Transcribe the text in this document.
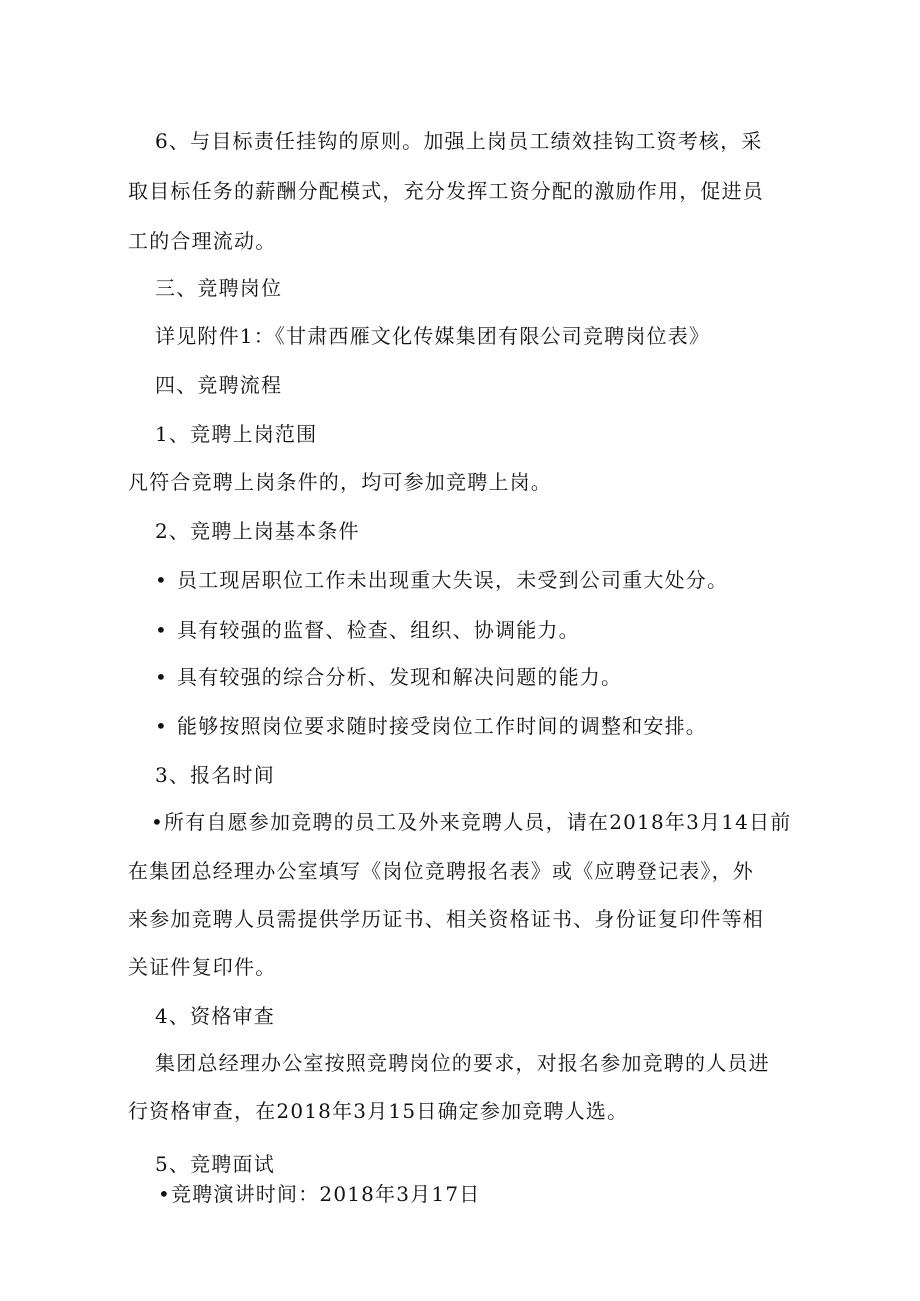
6、与目标责任挂钩的原则。加强上岗员工绩效挂钩工资考核，采
取目标任务的薪酬分配模式，充分发挥工资分配的激励作用，促进员
工的合理流动。
三、竞聘岗位
详见附件1：《甘肃西雁文化传媒集团有限公司竞聘岗位表》
四、竞聘流程
1、竞聘上岗范围
凡符合竞聘上岗条件的，均可参加竞聘上岗。
2、竞聘上岗基本条件
• 员工现居职位工作未出现重大失误，未受到公司重大处分。
• 具有较强的监督、检查、组织、协调能力。
• 具有较强的综合分析、发现和解决问题的能力。
• 能够按照岗位要求随时接受岗位工作时间的调整和安排。
3、报名时间
•所有自愿参加竞聘的员工及外来竞聘人员，请在2018年3月14日前
在集团总经理办公室填写《岗位竞聘报名表》或《应聘登记表》，外
来参加竞聘人员需提供学历证书、相关资格证书、身份证复印件等相
关证件复印件。
4、资格审查
集团总经理办公室按照竞聘岗位的要求，对报名参加竞聘的人员进
行资格审查，在2018年3月15日确定参加竞聘人选。
5、竞聘面试
•竞聘演讲时间：2018年3月17日
